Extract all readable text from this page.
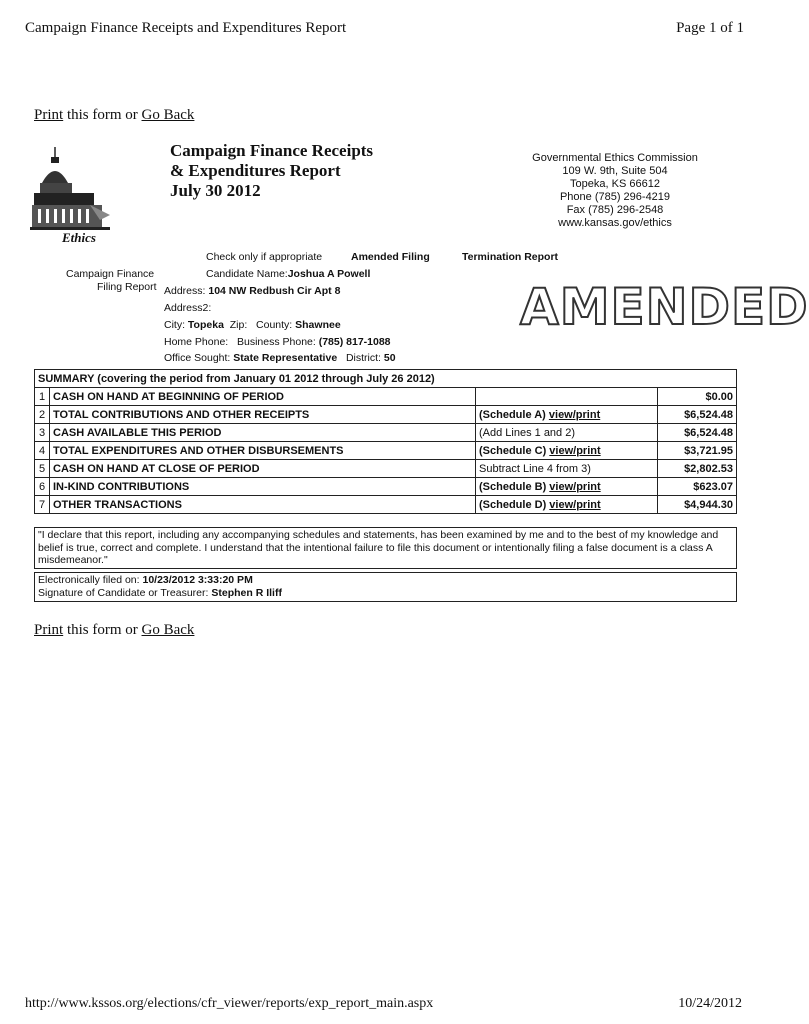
Campaign Finance Receipts and Expenditures Report	Page 1 of 1
Print this form or Go Back
Ethics
Campaign Finance Receipts
& Expenditures Report
July 30 2012
Governmental Ethics Commission
109 W. 9th, Suite 504
Topeka, KS 66612
Phone (785) 296-4219
Fax (785) 296-2548
www.kansas.gov/ethics
Check only if appropriate	Amended Filing	Termination Report
Campaign Finance
Filing Report
Candidate Name:Joshua A Powell
Address: 104 NW Redbush Cir Apt 8
Address2:
City: Topeka Zip: County: Shawnee
Home Phone: Business Phone: (785) 817-1088
Office Sought: State Representative District: 50
AMENDED
SUMMARY (covering the period from January 01 2012 through July 26 2012)			
1	CASH ON HAND AT BEGINNING OF PERIOD		$0.00
2	TOTAL CONTRIBUTIONS AND OTHER RECEIPTS	(Schedule A) view/print	$6,524.48
3	CASH AVAILABLE THIS PERIOD	(Add Lines 1 and 2)	$6,524.48
4	TOTAL EXPENDITURES AND OTHER DISBURSEMENTS	(Schedule C) view/print	$3,721.95
5	CASH ON HAND AT CLOSE OF PERIOD	Subtract Line 4 from 3)	$2,802.53
6	IN-KIND CONTRIBUTIONS	(Schedule B) view/print	$623.07
7	OTHER TRANSACTIONS	(Schedule D) view/print	$4,944.30
"I declare that this report, including any accompanying schedules and statements, has been examined by me and to the best of my knowledge and belief is true, correct and complete. I understand that the intentional failure to file this document or intentionally filing a false document is a class A misdemeanor."
Electronically filed on: 10/23/2012 3:33:20 PM
Signature of Candidate or Treasurer: Stephen R Iliff
Print this form or Go Back
http://www.kssos.org/elections/cfr_viewer/reports/exp_report_main.aspx	10/24/2012
